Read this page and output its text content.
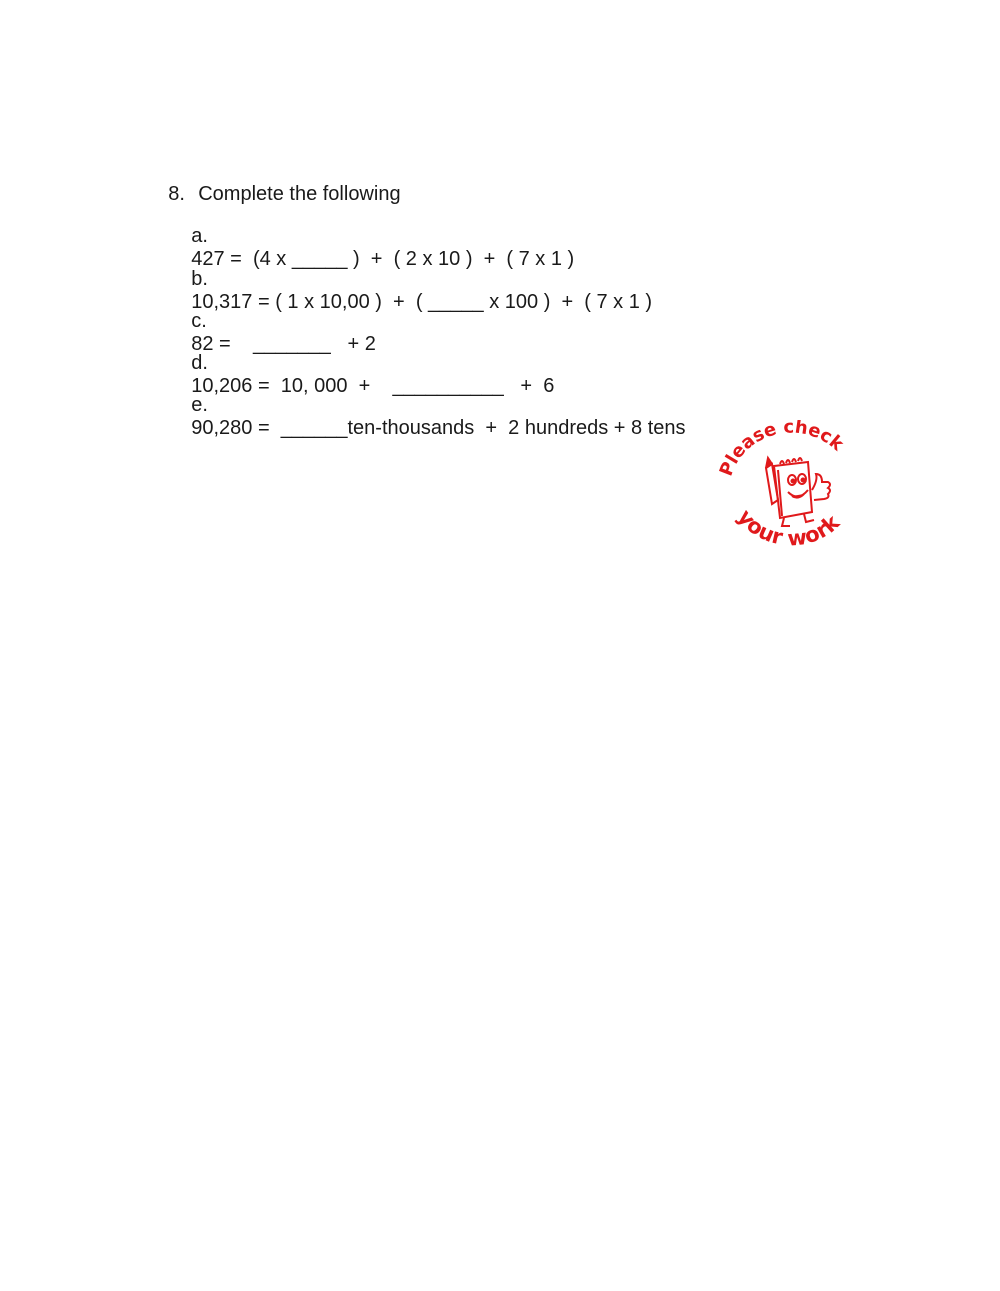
8. Complete the following

a.
427 =  (4 x _____ )  +  ( 2 x 10 )  +  ( 7 x 1 )

b.
10,317 = ( 1 x 10,00 )  +  ( _____ x 100 )  +  ( 7 x 1 )

c.
82 =    _______   + 2

d.
10,206 =  10, 000  +    __________   +  6

e.
90,280 =  ______ten-thousands  +  2 hundreds + 8 tens

Please check
your work
